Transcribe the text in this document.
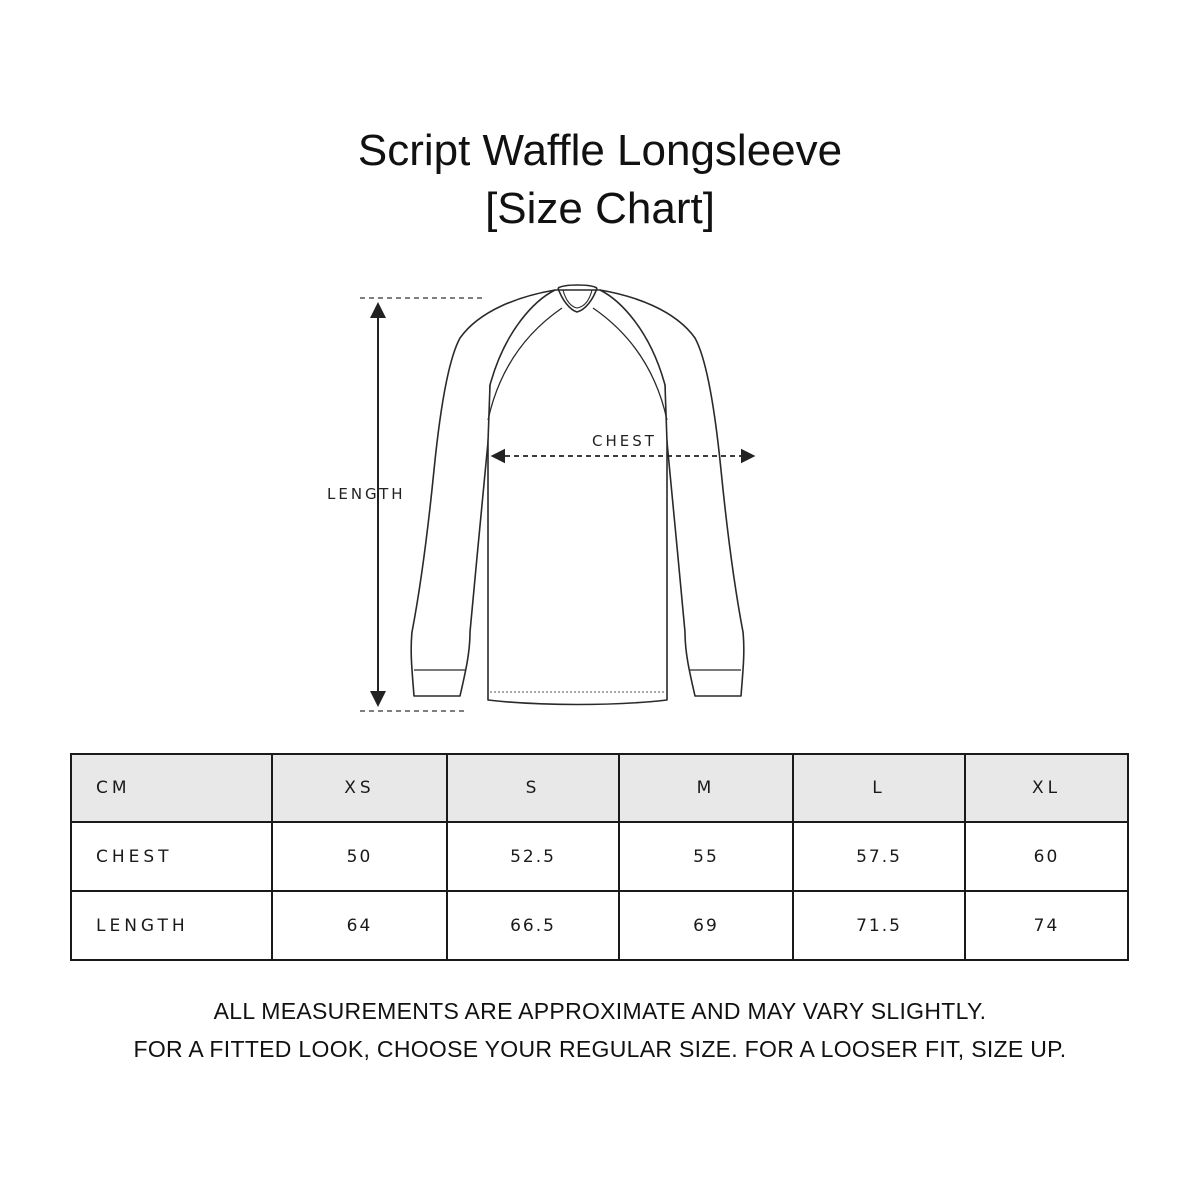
Script Waffle Longsleeve
[Size Chart]
LENGTH
CHEST
CM	XS	S	M	L	XL
CHEST	50	52.5	55	57.5	60
LENGTH	64	66.5	69	71.5	74
ALL MEASUREMENTS ARE APPROXIMATE AND MAY VARY SLIGHTLY.
FOR A FITTED LOOK, CHOOSE YOUR REGULAR SIZE. FOR A LOOSER FIT, SIZE UP.
